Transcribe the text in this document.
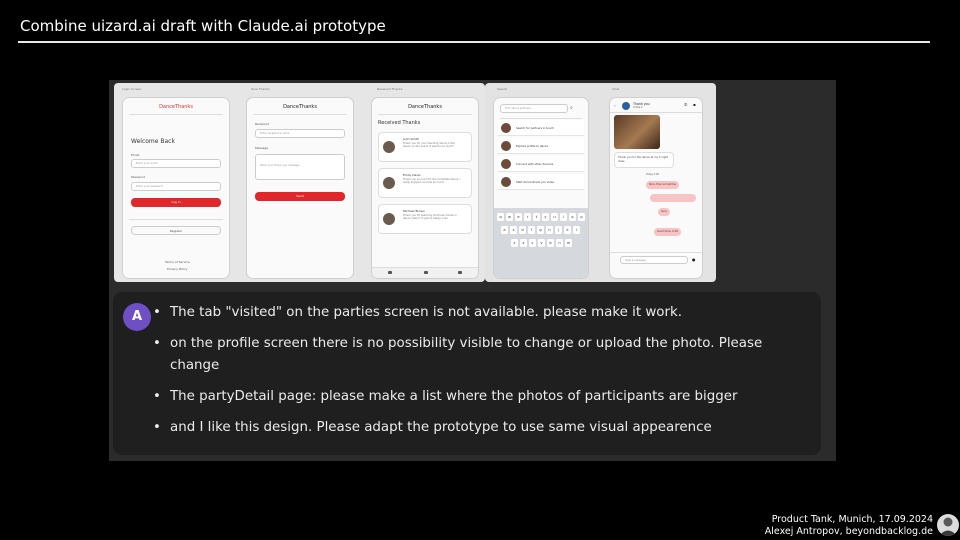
Combine uizard.ai draft with Claude.ai prototype
Login Screen	Give Thanks	Received Thanks
DanceThanks
Welcome Back
Email
Enter your email
Password
Enter your password
Log In
Register
Terms of Service
Privacy Policy
DanceThanks
Recipient
Enter recipient's name
Message
Write your thank you message
Send
DanceThanks
Received Thanks
John Smith
Thank you for your teaching dance in the lesson on the event. It was fun so much!
Emily Davis
Thank you so much for the incredible dance. I really enjoyed our time so much.
Michael Brown
Thank you for teaching me those moves in dance class! I'm just so happy now!
Search	Chat
Find dance partners	⌕
Search for partners in touch
Explore profile to dance
Connect with other dancers
Start dance thank you video
q	w	e	r	t	y	u	i	o	p
a	s	d	f	g	h	j	k	l
z	x	c	v	b	n	m
‹	Thank you
Active 2
✆ ▪
Thank you for the dance at my 5 night class
Today 1:00
Nice, then sometime
Sure
Good time, 0:20
Type a message	●
A
•	The tab "visited" on the parties screen is not available. please make it work.
• on the profile screen there is no possibility visible to change or upload the photo. Please change
• The partyDetail page: please make a list where the photos of participants are bigger
• and I like this design. Please adapt the prototype to use same visual appearence
Product Tank, Munich, 17.09.2024
Alexej Antropov, beyondbacklog.de
